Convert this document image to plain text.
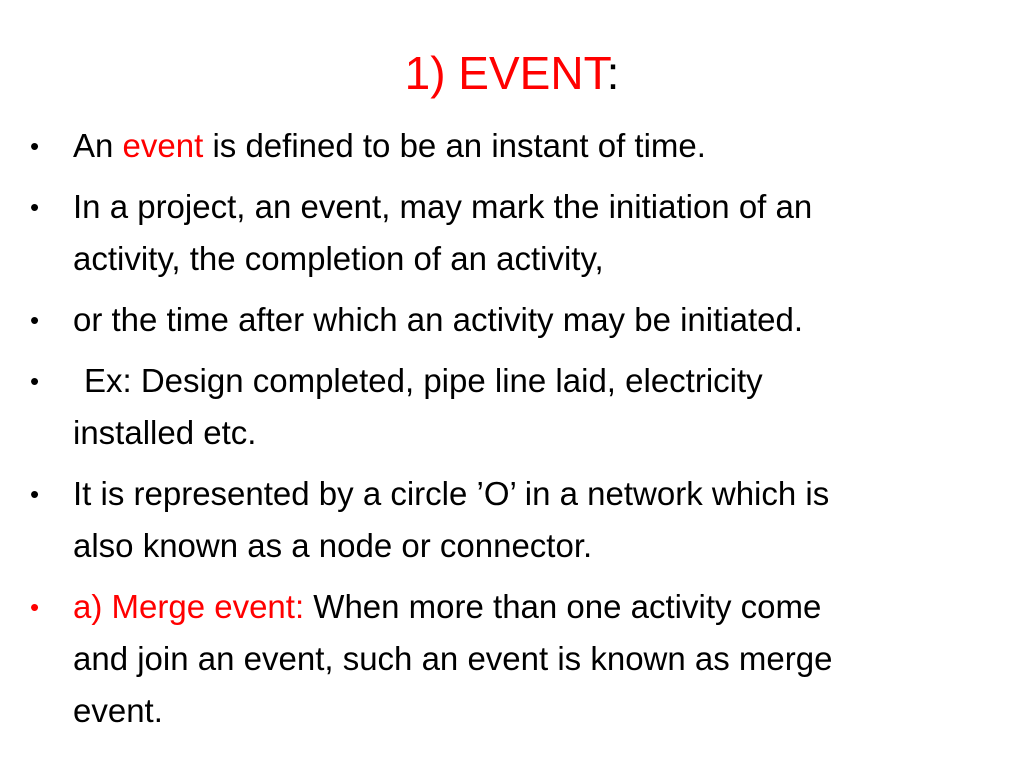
1) EVENT:
•	An event is defined to be an instant of time.
•	In a project, an event, may mark the initiation of an
activity, the completion of an activity,
•	or the time after which an activity may be initiated.
•	Ex: Design completed, pipe line laid, electricity
installed etc.
•	It is represented by a circle ’O’ in a network which is
also known as a node or connector.
•	a) Merge event: When more than one activity come
and join an event, such an event is known as merge
event.
